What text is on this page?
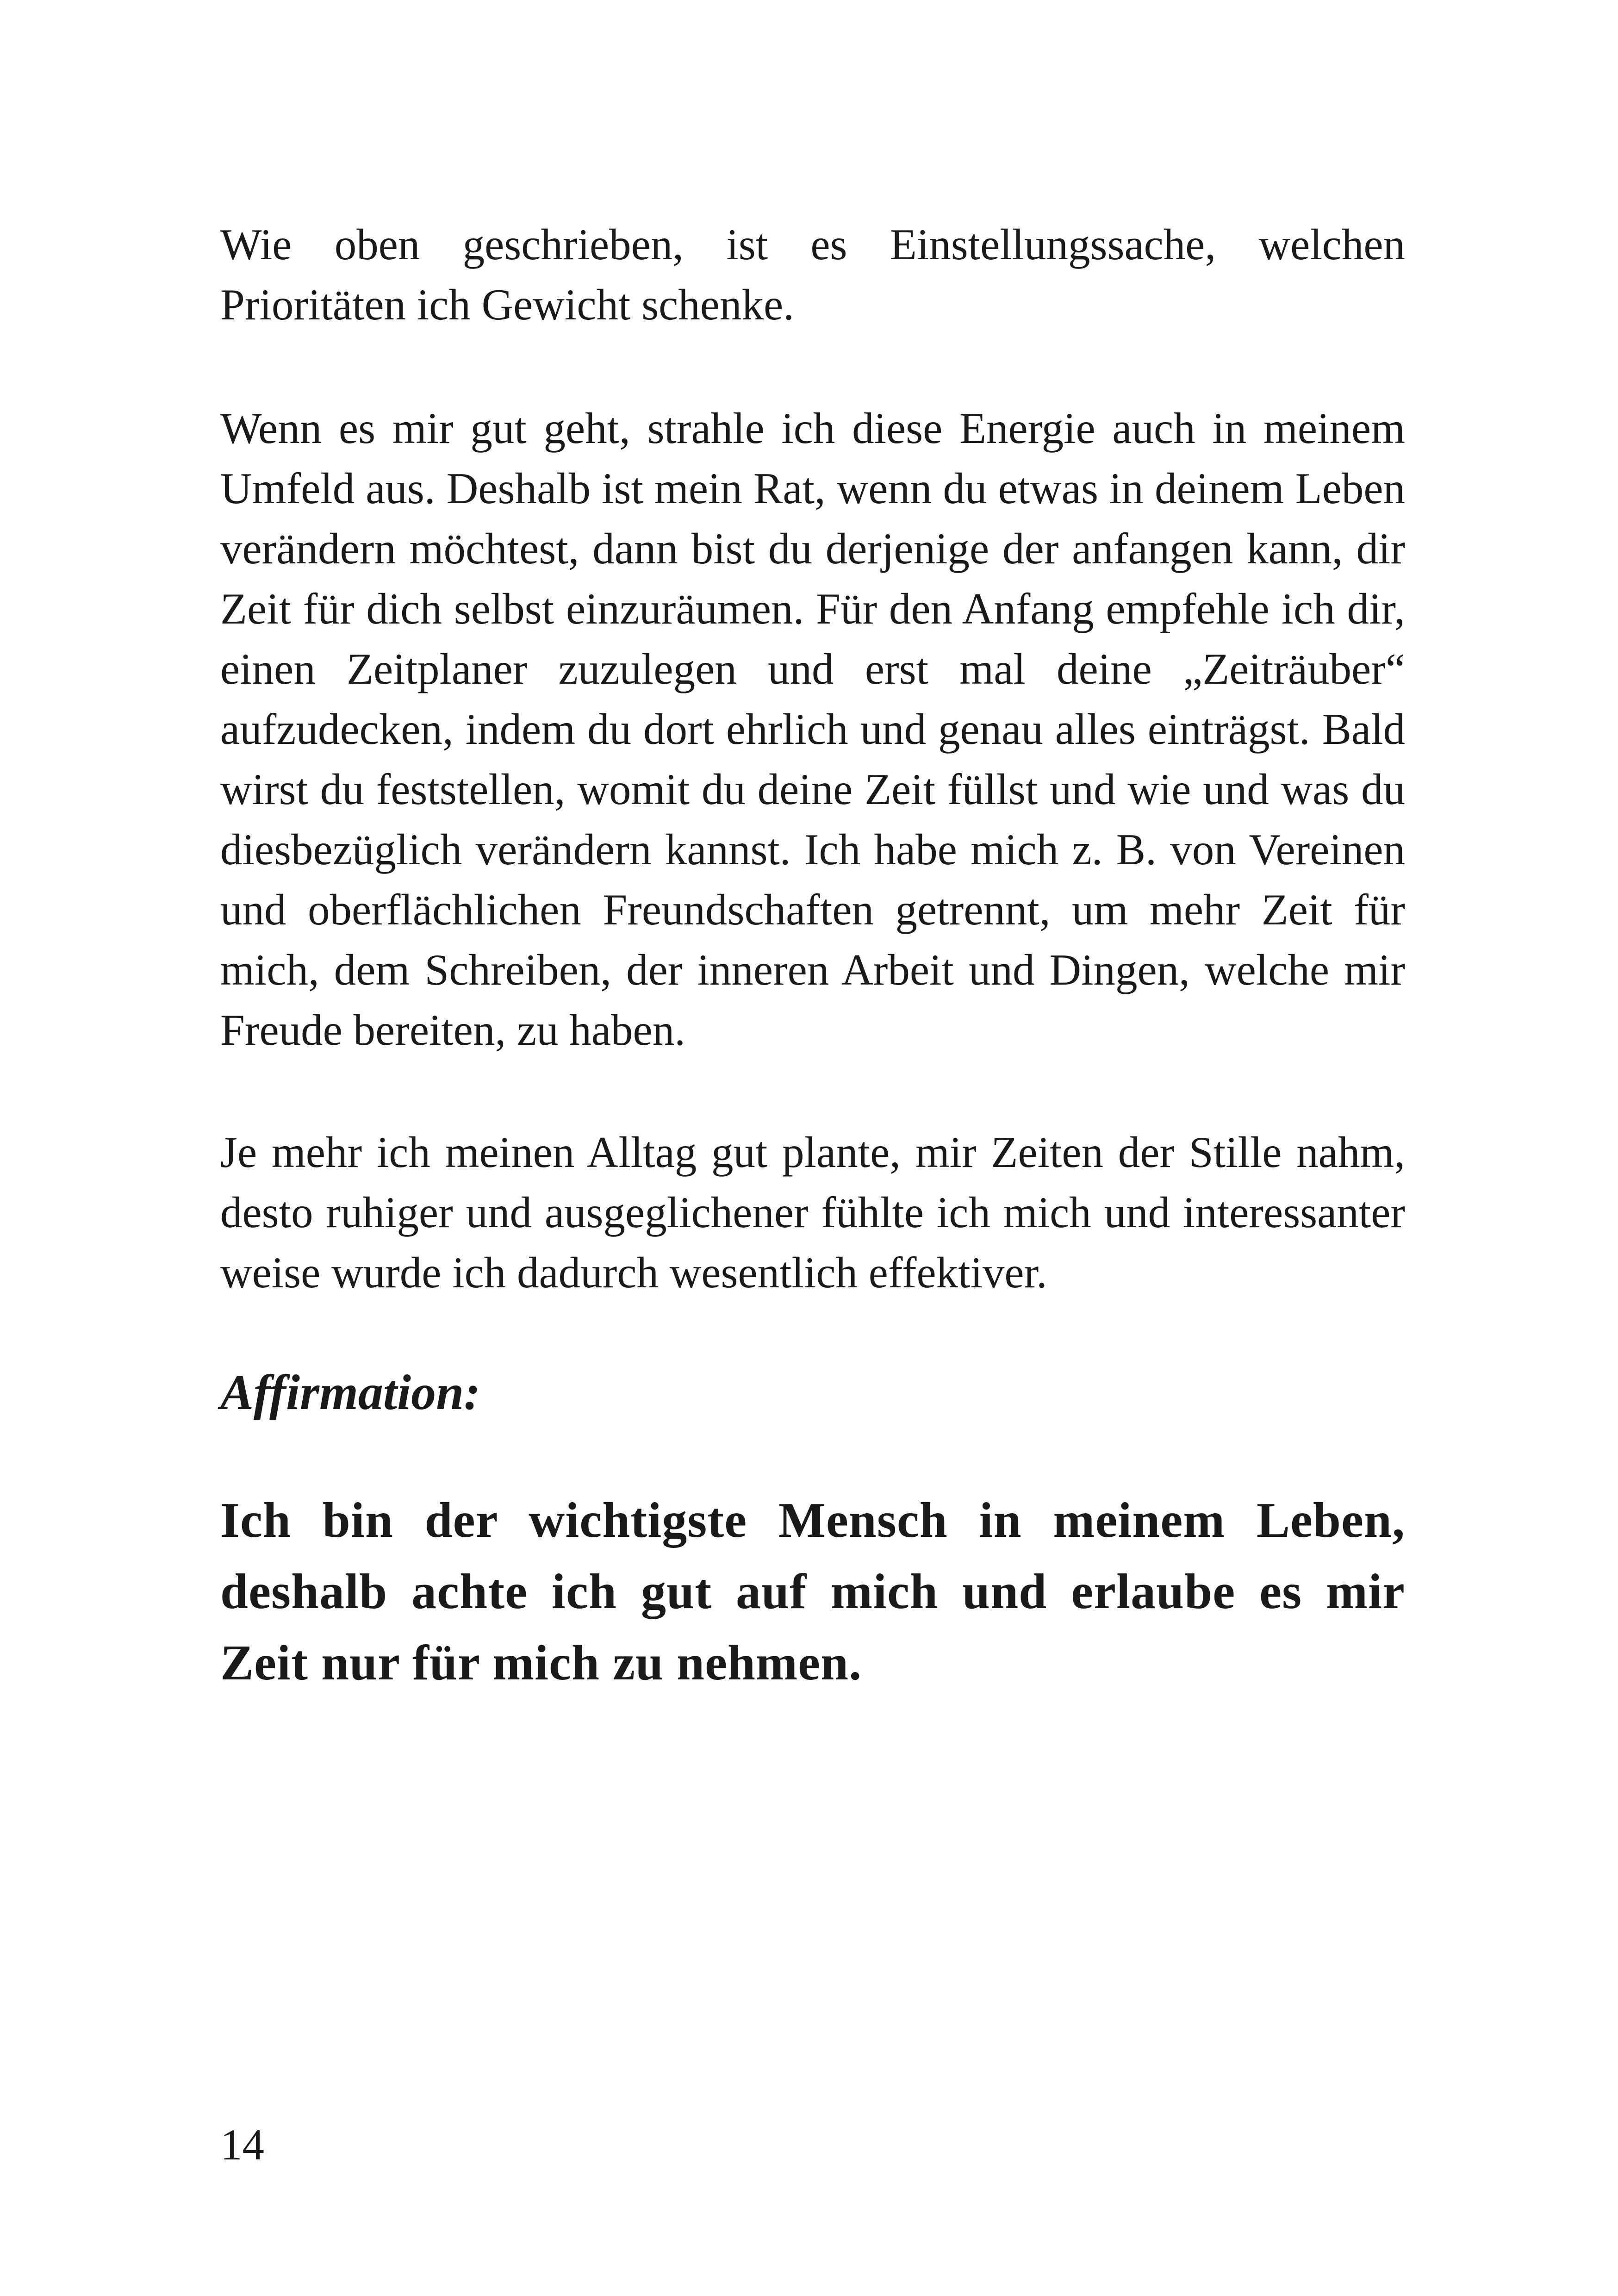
Wie oben geschrieben, ist es Einstellungssache, welchen Prioritäten ich Gewicht schenke.

Wenn es mir gut geht, strahle ich diese Energie auch in meinem Umfeld aus. Deshalb ist mein Rat, wenn du etwas in deinem Leben verändern möchtest, dann bist du derjenige der anfangen kann, dir Zeit für dich selbst einzuräumen. Für den Anfang empfehle ich dir, einen Zeitplaner zuzulegen und erst mal deine „Zeiträuber“ aufzudecken, indem du dort ehrlich und genau alles einträgst. Bald wirst du feststellen, womit du deine Zeit füllst und wie und was du diesbezüglich verändern kannst. Ich habe mich z. B. von Vereinen und oberflächlichen Freundschaften getrennt, um mehr Zeit für mich, dem Schreiben, der inneren Arbeit und Dingen, welche mir Freude bereiten, zu haben.

Je mehr ich meinen Alltag gut plante, mir Zeiten der Stille nahm, desto ruhiger und ausgeglichener fühlte ich mich und interessanter weise wurde ich dadurch wesentlich effektiver.

Affirmation:

Ich bin der wichtigste Mensch in meinem Leben, deshalb achte ich gut auf mich und erlaube es mir Zeit nur für mich zu nehmen.

14
